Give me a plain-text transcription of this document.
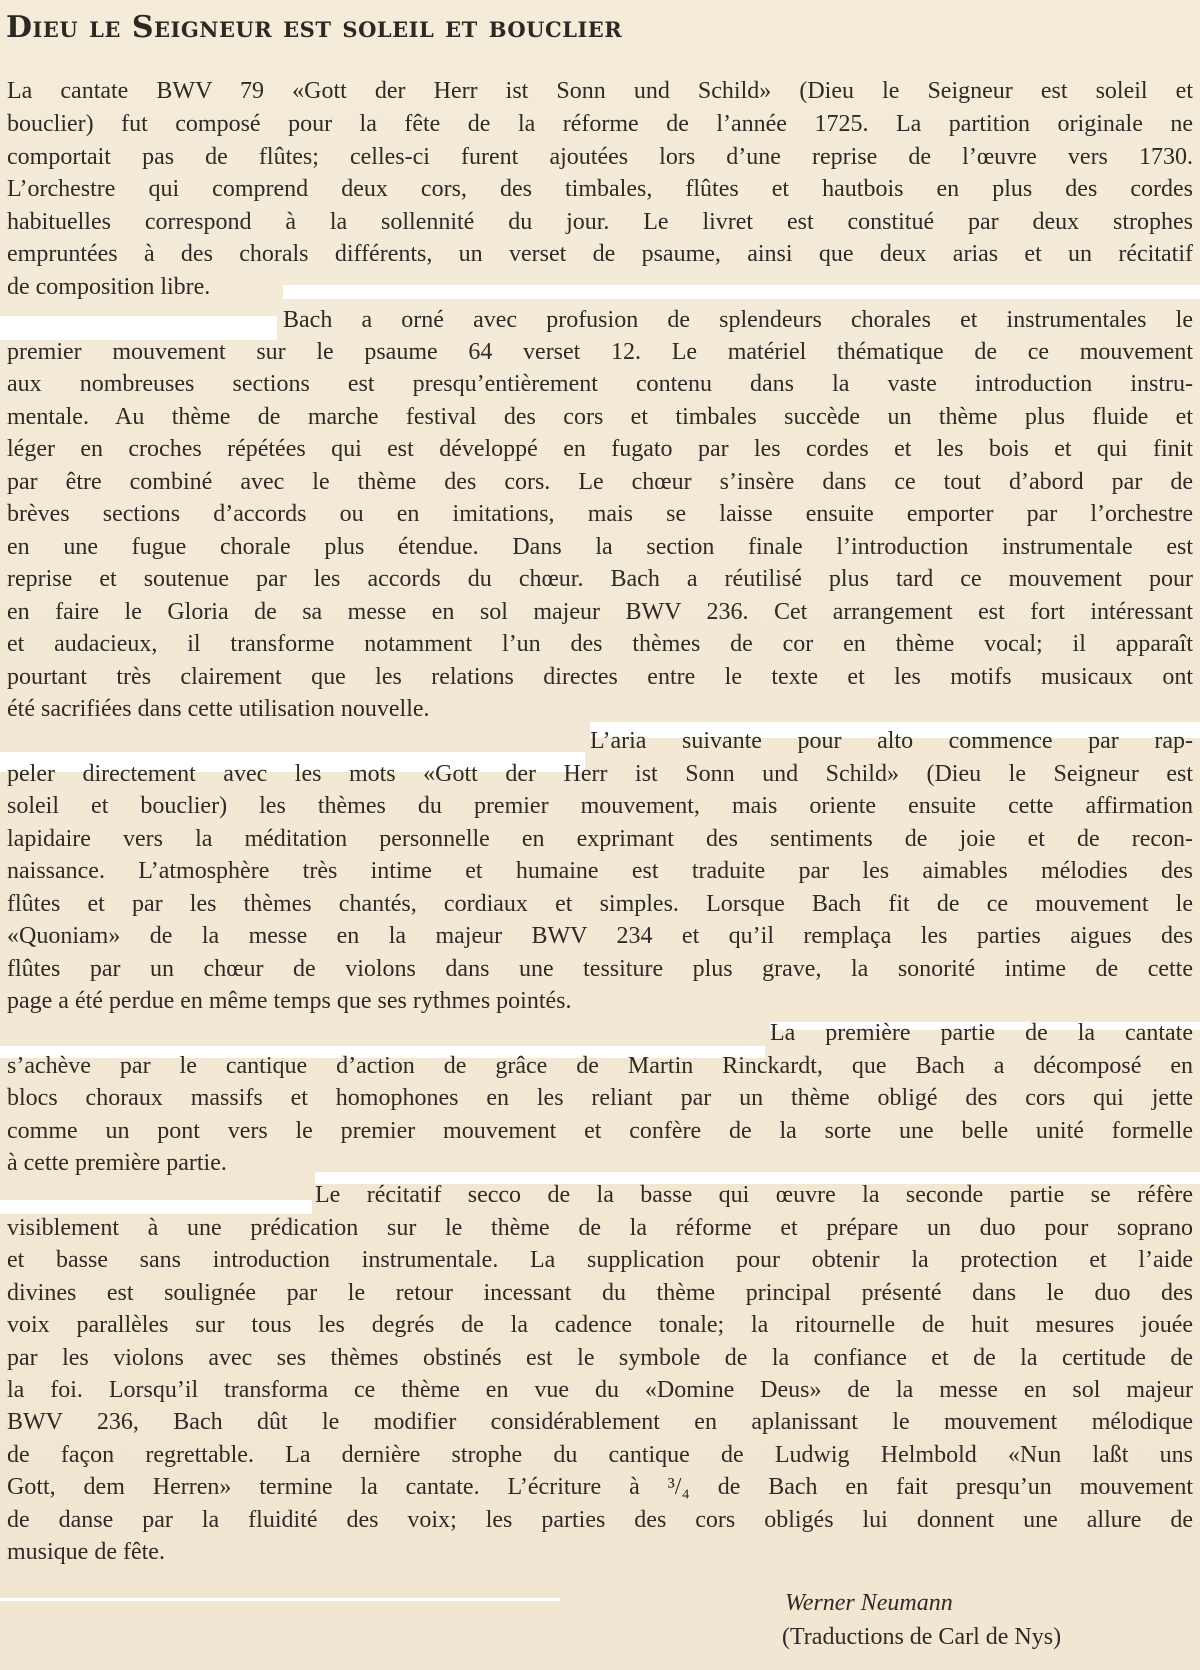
Dieu le Seigneur est soleil et bouclier
La cantate BWV 79 «Gott der Herr ist Sonn und Schild» (Dieu le Seigneur est soleil et
bouclier) fut composé pour la fête de la réforme de l’année 1725. La partition originale ne
comportait pas de flûtes; celles-ci furent ajoutées lors d’une reprise de l’œuvre vers 1730.
L’orchestre qui comprend deux cors, des timbales, flûtes et hautbois en plus des cordes
habituelles correspond à la sollennité du jour. Le livret est constitué par deux strophes
empruntées à des chorals différents, un verset de psaume, ainsi que deux arias et un récitatif
de composition libre.
Bach a orné avec profusion de splendeurs chorales et instrumentales le
premier mouvement sur le psaume 64 verset 12. Le matériel thématique de ce mouvement
aux nombreuses sections est presqu’entièrement contenu dans la vaste introduction instru-
mentale. Au thème de marche festival des cors et timbales succède un thème plus fluide et
léger en croches répétées qui est développé en fugato par les cordes et les bois et qui finit
par être combiné avec le thème des cors. Le chœur s’insère dans ce tout d’abord par de
brèves sections d’accords ou en imitations, mais se laisse ensuite emporter par l’orchestre
en une fugue chorale plus étendue. Dans la section finale l’introduction instrumentale est
reprise et soutenue par les accords du chœur. Bach a réutilisé plus tard ce mouvement pour
en faire le Gloria de sa messe en sol majeur BWV 236. Cet arrangement est fort intéressant
et audacieux, il transforme notamment l’un des thèmes de cor en thème vocal; il apparaît
pourtant très clairement que les relations directes entre le texte et les motifs musicaux ont
été sacrifiées dans cette utilisation nouvelle.
L’aria suivante pour alto commence par rap-
peler directement avec les mots «Gott der Herr ist Sonn und Schild» (Dieu le Seigneur est
soleil et bouclier) les thèmes du premier mouvement, mais oriente ensuite cette affirmation
lapidaire vers la méditation personnelle en exprimant des sentiments de joie et de recon-
naissance. L’atmosphère très intime et humaine est traduite par les aimables mélodies des
flûtes et par les thèmes chantés, cordiaux et simples. Lorsque Bach fit de ce mouvement le
«Quoniam» de la messe en la majeur BWV 234 et qu’il remplaça les parties aigues des
flûtes par un chœur de violons dans une tessiture plus grave, la sonorité intime de cette
page a été perdue en même temps que ses rythmes pointés.
La première partie de la cantate
s’achève par le cantique d’action de grâce de Martin Rinckardt, que Bach a décomposé en
blocs choraux massifs et homophones en les reliant par un thème obligé des cors qui jette
comme un pont vers le premier mouvement et confère de la sorte une belle unité formelle
à cette première partie.
Le récitatif secco de la basse qui œuvre la seconde partie se réfère
visiblement à une prédication sur le thème de la réforme et prépare un duo pour soprano
et basse sans introduction instrumentale. La supplication pour obtenir la protection et l’aide
divines est soulignée par le retour incessant du thème principal présenté dans le duo des
voix parallèles sur tous les degrés de la cadence tonale; la ritournelle de huit mesures jouée
par les violons avec ses thèmes obstinés est le symbole de la confiance et de la certitude de
la foi. Lorsqu’il transforma ce thème en vue du «Domine Deus» de la messe en sol majeur
BWV 236, Bach dût le modifier considérablement en aplanissant le mouvement mélodique
de façon regrettable. La dernière strophe du cantique de Ludwig Helmbold «Nun laßt uns
Gott, dem Herren» termine la cantate. L’écriture à ³/₄ de Bach en fait presqu’un mouvement
de danse par la fluidité des voix; les parties des cors obligés lui donnent une allure de
musique de fête.
Werner Neumann
(Traductions de Carl de Nys)
